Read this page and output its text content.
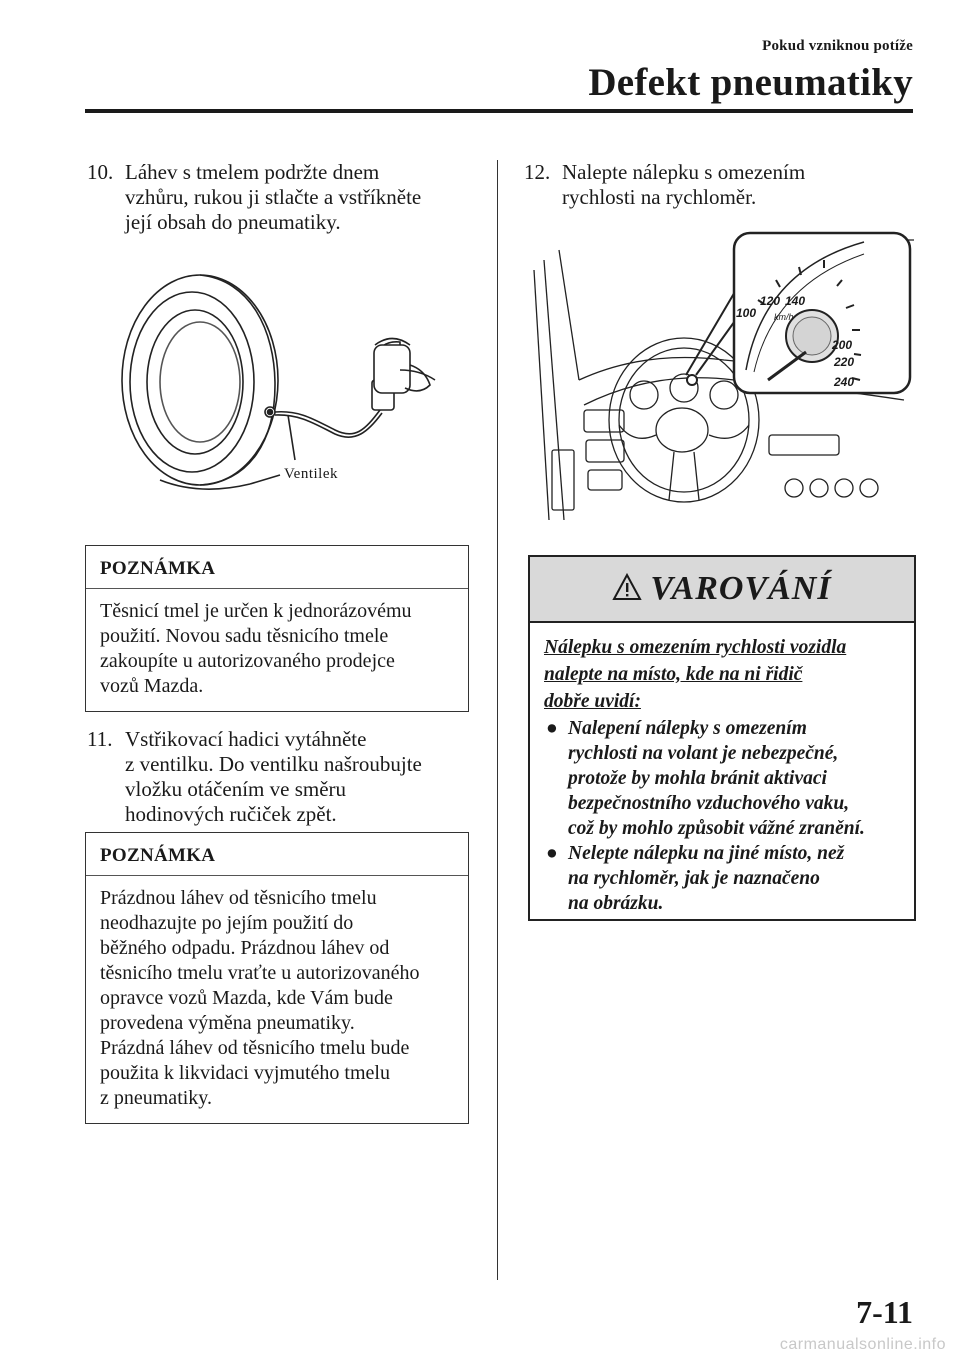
Pokud vzniknou potíže
Defekt pneumatiky
10. Láhev s tmelem podržte dnem
vzhůru, rukou ji stlačte a vstříkněte
její obsah do pneumatiky.
Ventilek
POZNÁMKA
Těsnicí tmel je určen k jednorázovému
použití. Novou sadu těsnicího tmele
zakoupíte u autorizovaného prodejce
vozů Mazda.
11. Vstřikovací hadici vytáhněte
z ventilku. Do ventilku našroubujte
vložku otáčením ve směru
hodinových ručiček zpět.
POZNÁMKA
Prázdnou láhev od těsnicího tmelu
neodhazujte po jejím použití do
běžného odpadu. Prázdnou láhev od
těsnicího tmelu vraťte u autorizovaného
opravce vozů Mazda, kde Vám bude
provedena výměna pneumatiky.
Prázdná láhev od těsnicího tmelu bude
použita k likvidaci vyjmutého tmelu
z pneumatiky.
12. Nalepte nálepku s omezením
rychlosti na rychloměr.
100
120 140
km/h
200
220
240
VAROVÁNÍ
Nálepku s omezením rychlosti vozidla
nalepte na místo, kde na ni řidič
dobře uvidí:
● Nalepení nálepky s omezením
rychlosti na volant je nebezpečné,
protože by mohla bránit aktivaci
bezpečnostního vzduchového vaku,
což by mohlo způsobit vážné zranění.
● Nelepte nálepku na jiné místo, než
na rychloměr, jak je naznačeno
na obrázku.
7-11
carmanualsonline.info
